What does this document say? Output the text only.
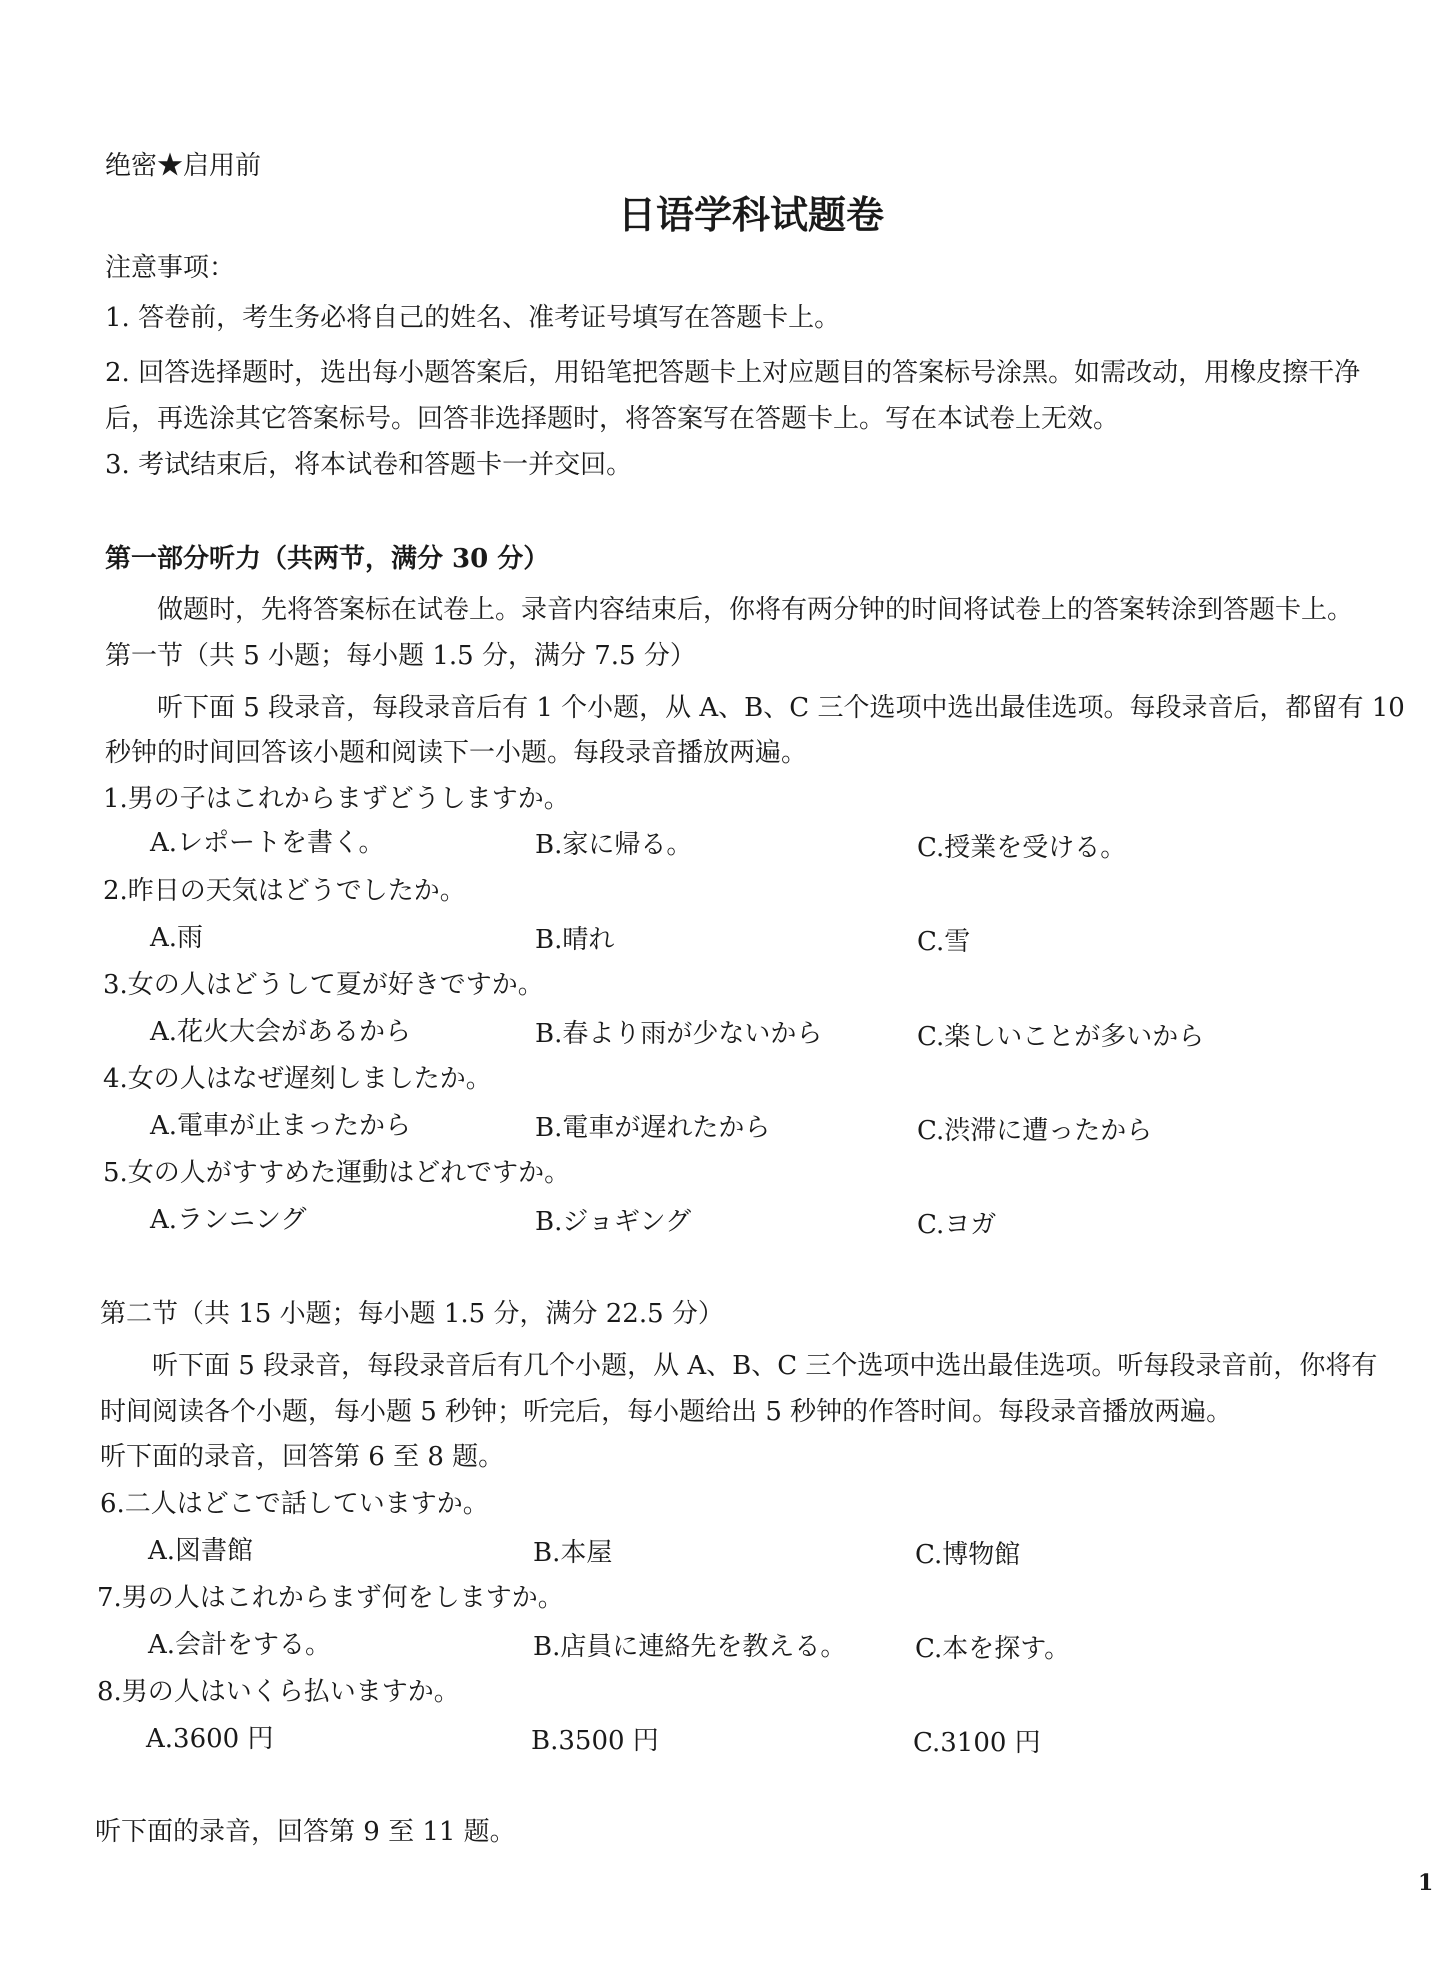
绝密★启用前
日语学科试题卷
注意事项：
1. 答卷前，考生务必将自己的姓名、准考证号填写在答题卡上。
2. 回答选择题时，选出每小题答案后，用铅笔把答题卡上对应题目的答案标号涂黑。如需改动，用橡皮擦干净
后，再选涂其它答案标号。回答非选择题时，将答案写在答题卡上。写在本试卷上无效。
3. 考试结束后，将本试卷和答题卡一并交回。
第一部分听力（共两节，满分 30 分）
做题时，先将答案标在试卷上。录音内容结束后，你将有两分钟的时间将试卷上的答案转涂到答题卡上。
第一节（共 5 小题；每小题 1.5 分，满分 7.5 分）
听下面 5 段录音，每段录音后有 1 个小题，从 A、B、C 三个选项中选出最佳选项。每段录音后，都留有 10
秒钟的时间回答该小题和阅读下一小题。每段录音播放两遍。
1.男の子はこれからまずどうしますか。
A.レポートを書く。	B.家に帰る。	C.授業を受ける。
2.昨日の天気はどうでしたか。
A.雨	B.晴れ	C.雪
3.女の人はどうして夏が好きですか。
A.花火大会があるから	B.春より雨が少ないから	C.楽しいことが多いから
4.女の人はなぜ遅刻しましたか。
A.電車が止まったから	B.電車が遅れたから	C.渋滞に遭ったから
5.女の人がすすめた運動はどれですか。
A.ランニング	B.ジョギング	C.ヨガ
第二节（共 15 小题；每小题 1.5 分，满分 22.5 分）
听下面 5 段录音，每段录音后有几个小题，从 A、B、C 三个选项中选出最佳选项。听每段录音前，你将有
时间阅读各个小题，每小题 5 秒钟；听完后，每小题给出 5 秒钟的作答时间。每段录音播放两遍。
听下面的录音，回答第 6 至 8 题。
6.二人はどこで話していますか。
A.図書館	B.本屋	C.博物館
7.男の人はこれからまず何をしますか。
A.会計をする。	B.店員に連絡先を教える。	C.本を探す。
8.男の人はいくら払いますか。
A.3600 円	B.3500 円	C.3100 円
听下面的录音，回答第 9 至 11 题。
1
